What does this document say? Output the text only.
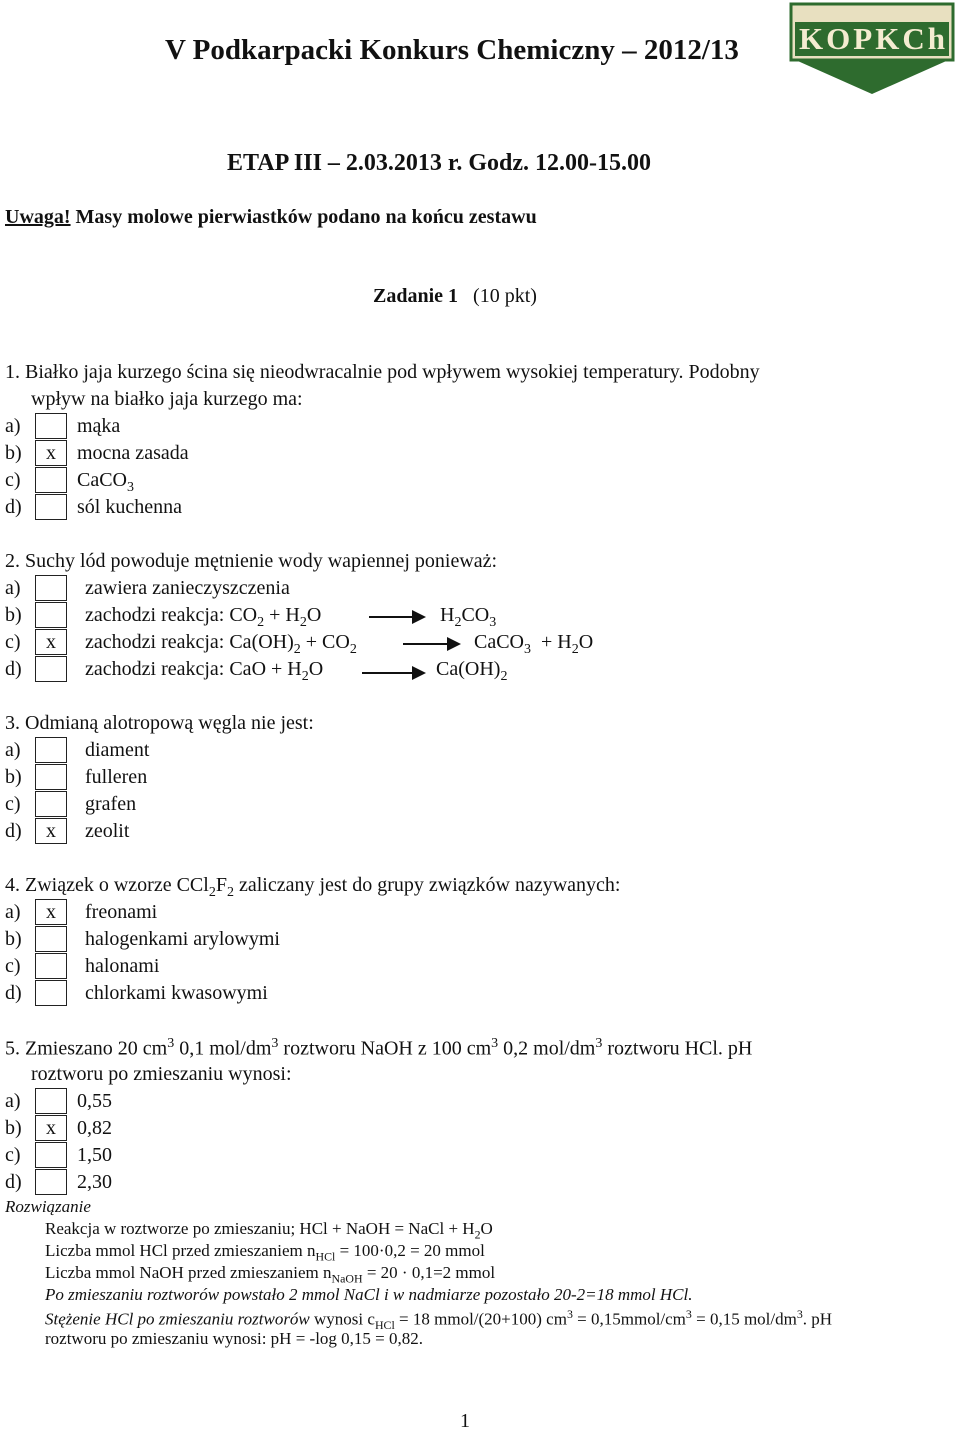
V Podkarpacki Konkurs Chemiczny – 2012/13 KOPKCh
ETAP III – 2.03.2013 r. Godz. 12.00-15.00
Uwaga! Masy molowe pierwiastków podano na końcu zestawu
Zadanie 1 (10 pkt)
1. Białko jaja kurzego ścina się nieodwracalnie pod wpływem wysokiej temperatury. Podobny
wpływ na białko jaja kurzego ma:
a)	mąka
b)	x	mocna zasada
c)	CaCO$_3$
d)	sól kuchenna
2. Suchy lód powoduje mętnienie wody wapiennej ponieważ:
a)	zawiera zanieczyszczenia
b)	zachodzi reakcja: $CO_2 + H_2O$	→ $H_2CO_3$
c)	x	zachodzi reakcja: $Ca(OH)_2 + CO_2$	→ CaCO$_3$  + $H_2O$
d)	zachodzi reakcja: CaO + $H_2O \to Ca(OH)_2$
3. Odmianą alotropową węgla nie jest:
a)	diament
b)	fulleren
c)	grafen
d)	x	zeolit
4. Związek o wzorze $CCl_2F_2$ zaliczany jest do grupy związków nazywanych:
a)	x	freonami
b)	halogenkami arylowymi
c)	halonami
d)	chlorkami kwasowymi
5. Zmieszano 20 $cm^3$ 0,1 mol/$dm^3$ roztworu NaOH z 100 $cm^3$ 0,2 mol/$dm^3$ roztworu HCl. pH
roztworu po zmieszaniu wynosi:
a)	0,55
b)	x	0,82
c)	1,50
d)	2,30
Rozwiązanie
Reakcja w roztworze po zmieszaniu; HCl + NaOH = NaCl + $H_2O$
Liczba mmol HCl przed zmieszaniem $n_{HCl} = 100\cdot 0,2 = 20$ mmol
Liczba mmol NaOH przed zmieszaniem $n_{NaOH} = 20 \cdot 0,1=2$ mmol
Po zmieszaniu roztworów powstało 2 mmol NaCl i w nadmiarze pozostało 20-2=18 mmol HCl.
Stężenie HCl po zmieszaniu roztworów wynosi $c_{HCl} = 18$ mmol/(20+100) $cm^3$ = $0,15mmol/cm^3 = 0,15$ mol/$dm^3$. pH
roztworu po zmieszaniu wynosi: pH = -log 0,15 = 0,82.
1
